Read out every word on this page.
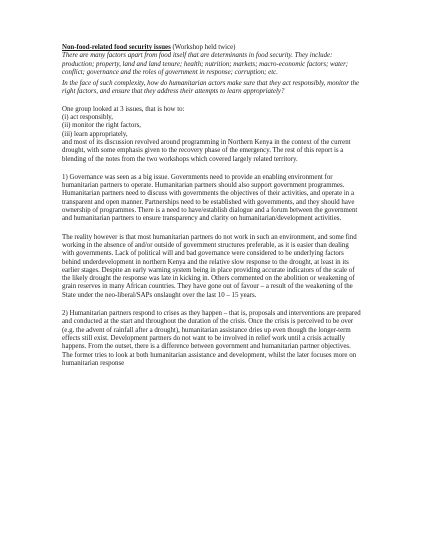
Non-food-related food security issues (Workshop held twice)

There are many factors apart from food itself that are determinants in food security. They include: production; property, land and land tenure; health; nutrition; markets; macro-economic factors; water; conflict; governance and the roles of government in response; corruption; etc.

In the face of such complexity, how do humanitarian actors make sure that they act responsibly, monitor the right factors, and ensure that they address their attempts to learn appropriately?

One group looked at 3 issues, that is how to:

(i) act responsibly,

(ii) monitor the right factors,

(iii) learn appropriately,

and most of its discussion revolved around programming in Northern Kenya in the context of the current drought, with some emphasis given to the recovery phase of the emergency. The rest of this report is a blending of the notes from the two workshops which covered largely related territory.

1) Governance was seen as a big issue. Governments need to provide an enabling environment for humanitarian partners to operate. Humanitarian partners should also support government programmes. Humanitarian partners need to discuss with governments the objectives of their activities, and operate in a transparent and open manner. Partnerships need to be established with governments, and they should have ownership of programmes. There is a need to have/establish dialogue and a forum between the government and humanitarian partners to ensure transparency and clarity on humanitarian/development activities.

The reality however is that most humanitarian partners do not work in such an environment, and some find working in the absence of and/or outside of government structures preferable, as it is easier than dealing with governments. Lack of political will and bad governance were considered to be underlying factors behind underdevelopment in northern Kenya and the relative slow response to the drought, at least in its earlier stages. Despite an early warning system being in place providing accurate indicators of the scale of the likely drought the response was late in kicking in. Others commented on the abolition or weakening of grain reserves in many African countries. They have gone out of favour – a result of the weakening of the State under the neo-liberal/SAPs onslaught over the last 10 – 15 years.

2) Humanitarian partners respond to crises as they happen – that is, proposals and interventions are prepared and conducted at the start and throughout the duration of the crisis. Once the crisis is perceived to be over (e.g. the advent of rainfall after a drought), humanitarian assistance dries up even though the longer-term effects still exist. Development partners do not want to be involved in relief work until a crisis actually happens. From the outset, there is a difference between government and humanitarian partner objectives. The former tries to look at both humanitarian assistance and development, whilst the later focuses more on humanitarian response
